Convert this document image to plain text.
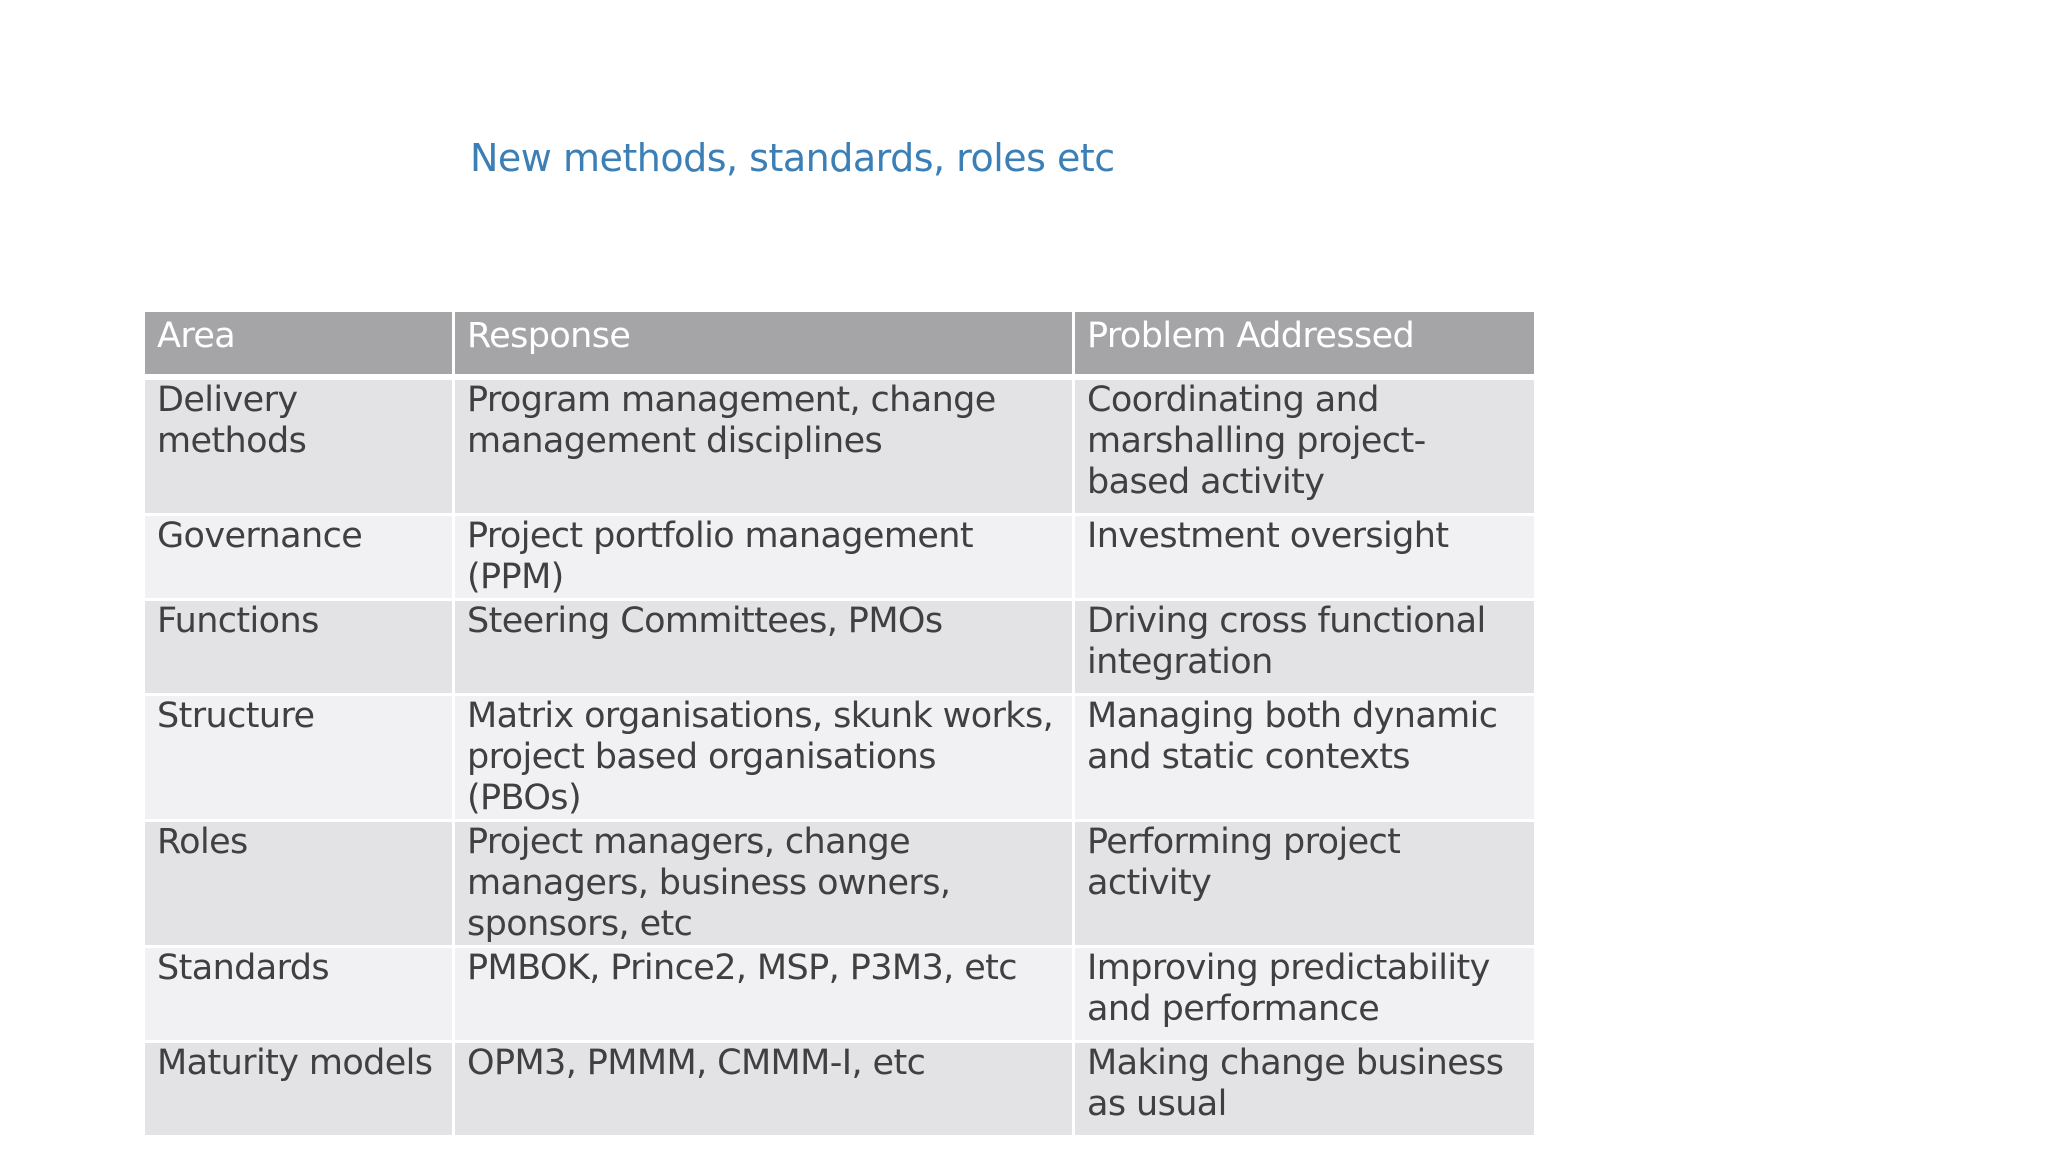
New methods, standards, roles etc
Area	Response	Problem Addressed
Delivery methods	Program management, change management disciplines	Coordinating and marshalling project-based activity
Governance	Project portfolio management (PPM)	Investment oversight
Functions	Steering Committees, PMOs	Driving cross functional integration
Structure	Matrix organisations, skunk works, project based organisations (PBOs)	Managing both dynamic and static contexts
Roles	Project managers, change managers, business owners, sponsors, etc	Performing project activity
Standards	PMBOK, Prince2, MSP, P3M3, etc	Improving predictability and performance
Maturity models	OPM3, PMMM, CMMM-I, etc	Making change business as usual
